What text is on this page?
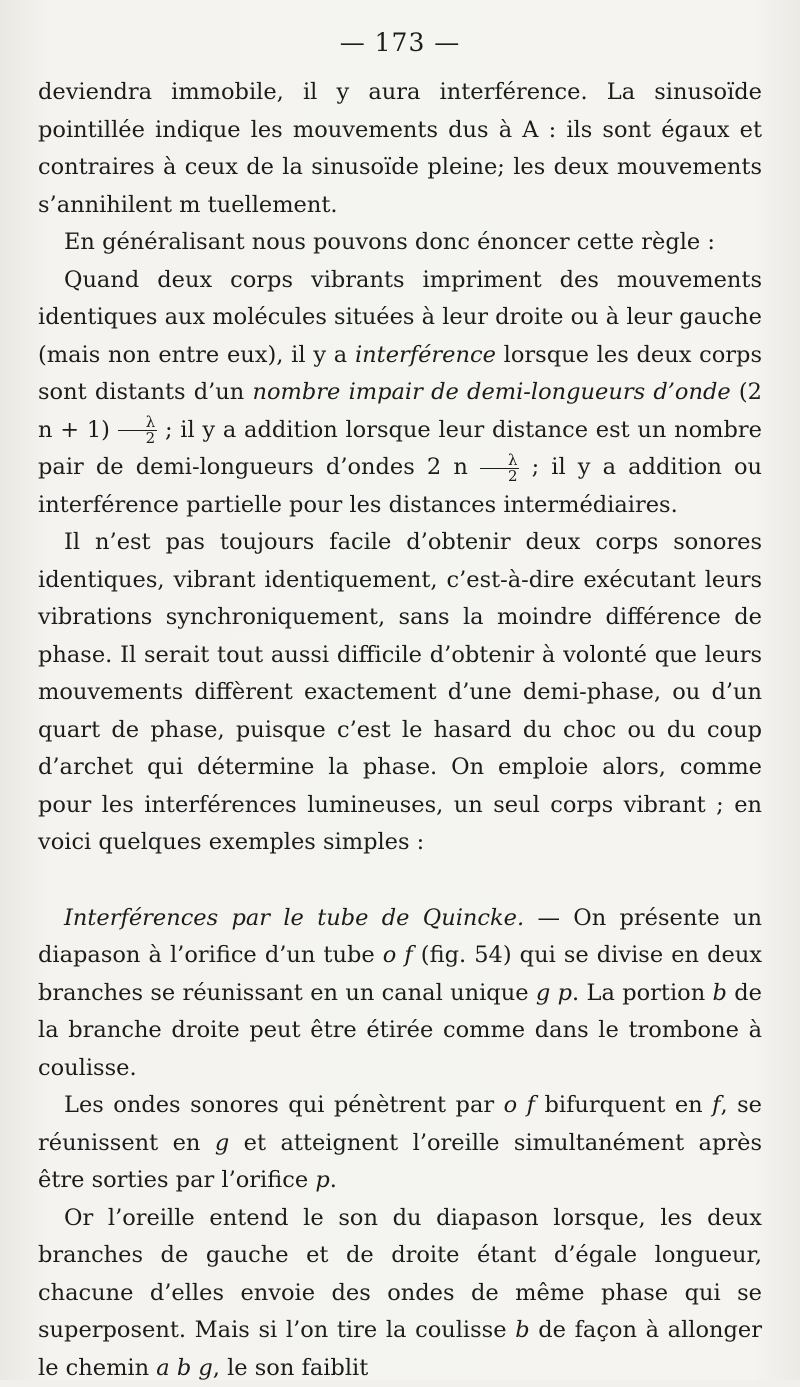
— 173 —

deviendra immobile, il y aura interférence. La sinusoïde pointillée indique les mouvements dus à A : ils sont égaux et contraires à ceux de la sinusoïde pleine; les deux mouvements s’annihilent m tuellement.

En généralisant nous pouvons donc énoncer cette règle :

Quand deux corps vibrants impriment des mouvements identiques aux molécules situées à leur droite ou à leur gauche (mais non entre eux), il y a interférence lorsque les deux corps sont distants d’un nombre impair de demi-longueurs d’onde (2 $n + 1) \frac{\lambda}{2}$ ; il y a addition lorsque leur distance est un nombre pair de demi-longueurs d’ondes 2 n $\frac{\lambda}{2}$ ; il y a addition ou interférence partielle pour les distances intermédiaires.

Il n’est pas toujours facile d’obtenir deux corps sonores identiques, vibrant identiquement, c’est-à-dire exécutant leurs vibrations synchroniquement, sans la moindre différence de phase. Il serait tout aussi difficile d’obtenir à volonté que leurs mouvements diffèrent exactement d’une demi-phase, ou d’un quart de phase, puisque c’est le hasard du choc ou du coup d’archet qui détermine la phase. On emploie alors, comme pour les interférences lumineuses, un seul corps vibrant ; en voici quelques exemples simples :

Interférences par le tube de Quincke. — On présente un diapason à l’orifice d’un tube o f (fig. 54) qui se divise en deux branches se réunissant en un canal unique g p. La portion b de la branche droite peut être étirée comme dans le trombone à coulisse.

Les ondes sonores qui pénètrent par o f bifurquent en f, se réunissent en g et atteignent l’oreille simultanément après être sorties par l’orifice p.

Or l’oreille entend le son du diapason lorsque, les deux branches de gauche et de droite étant d’égale longueur, chacune d’elles envoie des ondes de même phase qui se superposent. Mais si l’on tire la coulisse b de façon à allonger le chemin a b g, le son faiblit
